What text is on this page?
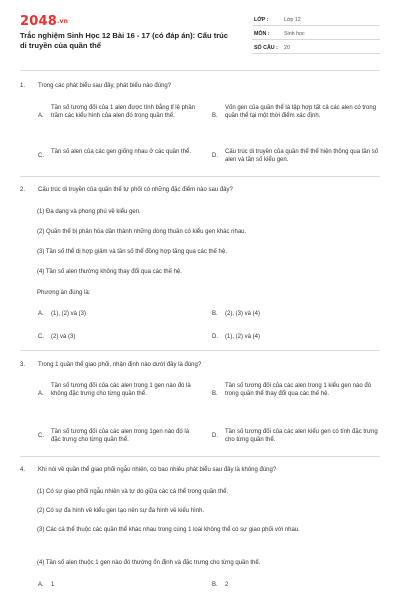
2048.vn
Trắc nghiệm Sinh Học 12 Bài 16 - 17 (có đáp án): Cấu trúc di truyền của quần thể
LỚP :	Lớp 12
MÔN :	Sinh học
SỐ CÂU : 20
1. Trong các phát biểu sau đây, phát biểu nào đúng?
A.
Tần số tương đối của 1 alen được tính bằng tỉ lệ phần trăm các kiểu hình của alen đó trong quần thể.	B.
Vốn gen của quần thể là tập hợp tất cả các alen có trong quần thể tại một thời điểm xác định.
C.
Tần số alen của các gen giống nhau ở các quần thể.
D.
Cấu trúc di truyền của quần thể thể hiện thông qua tần số alen và tần số kiểu gen.
2. Cấu trúc di truyền của quần thể tự phối có những đặc điểm nào sau đây?
(1) Đa dạng và phong phú về kiểu gen.
(2) Quần thể bị phân hóa dần thành những dòng thuần có kiểu gen khác nhau.
(3) Tần số thể dị hợp giảm và tần số thể đồng hợp tăng qua các thế hệ.
(4) Tần số alen thường không thay đổi qua các thế hệ.
Phương án đúng là:
A. (1), (2) và (3)	B. (2), (3) và (4)
C. (2) và (3)	D. (1), (2) và (4)
3. Trong 1 quần thể giao phối, nhận định nào dưới đây là đúng?
A.
Tần số tương đối của các alen trong 1 gen nào đó là không đặc trưng cho từng quần thể.	B.
Tần số tương đối của các alen trong 1 kiểu gen nào đó trong quần thể thay đổi qua các thế hệ.
C.
Tần số tương đối của các alen trong 1gen nào đó là đặc trưng cho từng quần thể.
D.
Tần số tương đối của các alen kiểu gen có tính đặc trưng cho từng quần thể.
4. Khi nói về quần thể giao phối ngẫu nhiên, có bao nhiêu phát biểu sau đây là không đúng?
(1) Có sự giao phối ngẫu nhiên và tự do giữa các cá thể trong quần thể.
(2) Có sự đa hình về kiểu gen tạo nên sự đa hình về kiểu hình.
(3) Các cá thể thuộc các quần thể khác nhau trong cùng 1 loài không thể có sự giao phối với nhau.
(4) Tần số alen thuộc 1 gen nào đó thường ổn định và đặc trưng cho từng quần thể.
A. 1	B. 2
